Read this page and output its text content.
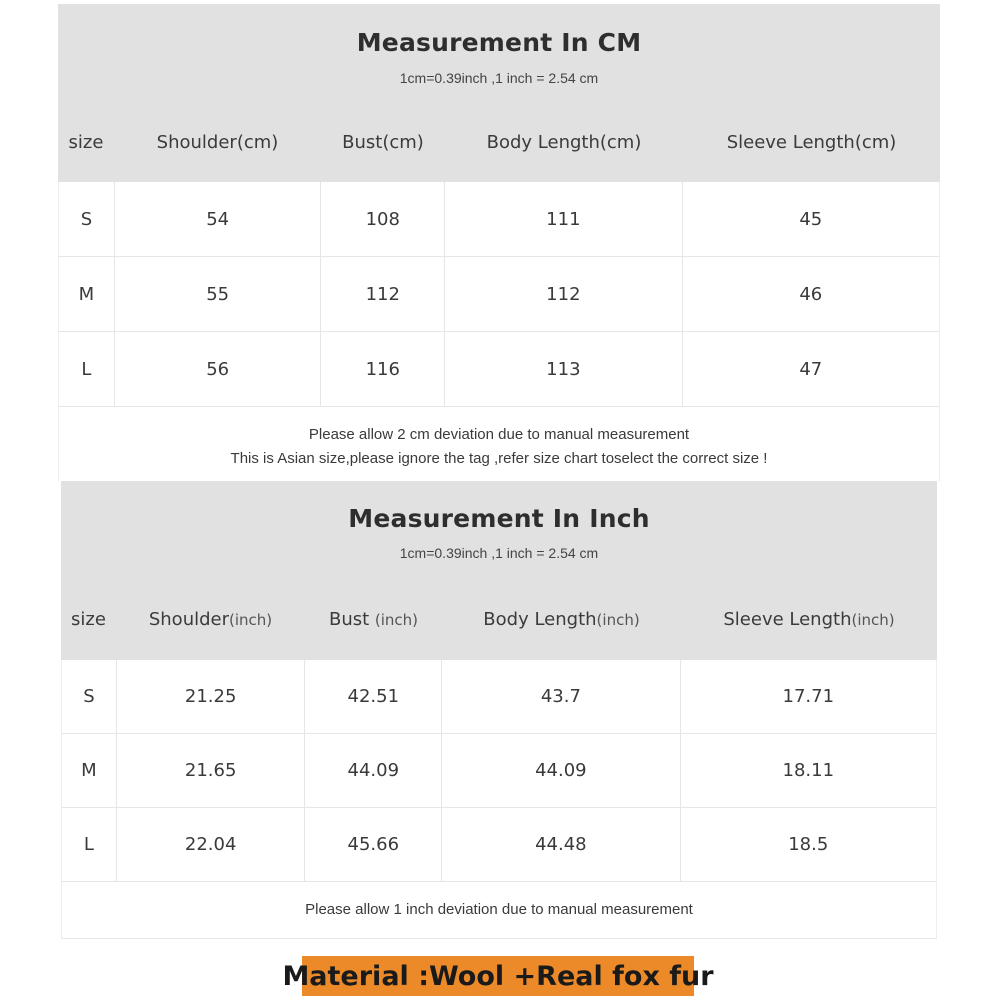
Measurement In CM
1cm=0.39inch ,1 inch = 2.54 cm
size	Shoulder(cm)	Bust(cm)	Body Length(cm)	Sleeve Length(cm)
S	54	108	111	45
M	55	112	112	46
L	56	116	113	47
Please allow 2 cm deviation due to manual measurement
This is Asian size,please ignore the tag ,refer size chart toselect the correct size !
Measurement In Inch
1cm=0.39inch ,1 inch = 2.54 cm
size	Shoulder(inch)	Bust (inch)	Body Length(inch)	Sleeve Length(inch)
S	21.25	42.51	43.7	17.71
M	21.65	44.09	44.09	18.11
L	22.04	45.66	44.48	18.5
Please allow 1 inch deviation due to manual measurement
Material :Wool +Real fox fur
